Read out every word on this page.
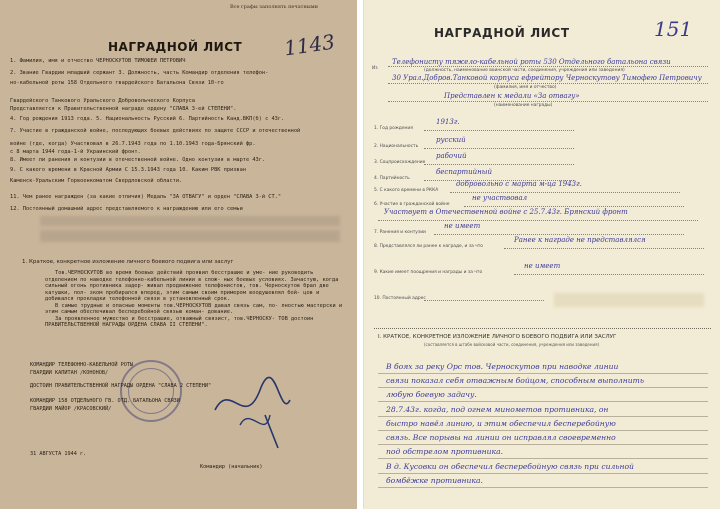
Все графы заполнять печатными
НАГРАДНОЙ ЛИСТ 1143
1. Фамилия, имя и отчество ЧЕРНОСКУТОВ ТИМОФЕЙ ПЕТРОВИЧ
2. Звание Гвардии младший сержант 3. Должность, часть Командир отделения телефон-
но-кабельной роты 158 Отдельного гвардейского Батальона Связи 10-го
Гвардейского Танкового Уральского Добровольческого Корпуса
Представляется к Правительственной награде ордену "СЛАВА 3-ей СТЕПЕНИ".
4. Год рождения 1913 года. 5. Национальность Русский 6. Партийность Канд.ВКП(б) с 43г.
7. Участие в гражданской войне, последующих боевых действиях по защите СССР и отечественной
войне (где, когда) Участвовал в 26.7.1943 года по 1.10.1943 года-Брянский фр.
с 8 марта 1944 года-1-й Украинский фронт.
8. Имеет ли ранения и контузии в отечественной войне. Одно контузия в марте 43г.
9. С какого времени в Красной Армии С 15.3.1943 года 10. Каким РВК призван
Каменск-Уральским Горвоенкоматом Свердловской области.
11. Чем ранее награжден (за какие отличия) Медаль "ЗА ОТВАГУ" и орден "СЛАВА 3-й СТ."
12. Постоянный домашний адрес представляемого к награждению или его семьи
1. Краткое, конкретное изложение личного боевого подвига или заслуг

Тов.ЧЕРНОСКУТОВ во время боевых действий проявил бесстрашие и уме- ние руководить отделением по наводке телефонно-кабельной линии в слож- ных боевых условиях. Зачастую, когда сильный огонь противника задер- живал продвижение телефонистов, тов. Черноскутов брал две катушки, пол- зком пробирался вперед, этим самым своим примером воодушевлял бой- цов и добивался прокладки телефонной связи в установленный срок.

В самые трудные и опасные моменты тов.ЧЕРНОСКУТОВ давал связь сам, по- лностью мастерски и этим самым обеспечивал бесперебойной связью коман- дование.

За проявленное мужество и бесстрашие, отважный связист, тов.ЧЕРНОСКУ- ТОВ достоин ПРАВИТЕЛЬСТВЕННОЙ НАГРАДЫ ОРДЕНА СЛАВА II СТЕПЕНИ".

КОМАНДИР ТЕЛЕФОННО-КАБЕЛЬНОЙ РОТЫ
ГВАРДИИ КАПИТАН /КОНОНОВ/
ДОСТОИН ПРАВИТЕЛЬСТВЕННОЙ НАГРАДЫ ОРДЕНА "СЛАВА 2 СТЕПЕНИ"
КОМАНДИР 158 ОТДЕЛЬНОГО ГВ. ОТД. БАТАЛЬОНА СВЯЗИ
ГВАРДИИ МАЙОР /КРАСОВСКИЙ/
31 АВГУСТА 1944 г.
Командир (начальник)
НАГРАДНОЙ ЛИСТ	151
Из
Телефонисту тяжело-кабельной роты 530 Отдельного батальона связи
(должность, наименование воинской части, соединения, учреждения или заведения)
30 Урал.Добров.Танковой корпуса ефрейтору Черноскутову Тимофею Петровичу
(фамилия, имя и отчество)
Представлен к медали «За отвагу»
(наименование награды)
1. Год рождения
1913г.
2. Национальность
русский
3. Соцпроисхождение
рабочий
4. Партийность
беспартийный
5. С какого времени в РККА
добровольно с марта м-ца 1943г.
6. Участие в гражданской войне
не участвовал
Участвует в Отечественной войне с 25.7.43г. Брянский фронт
7. Ранения и контузии
не имеет
8. Представлялся ли ранее к награде, и за что
Ранее к награде не представлялся
9. Какие имеет поощрения и награды и за что
не имеет
10. Постоянный адрес
I. КРАТКОЕ, КОНКРЕТНОЕ ИЗЛОЖЕНИЕ ЛИЧНОГО БОЕВОГО ПОДВИГА ИЛИ ЗАСЛУГ
(составляется в штабе войсковой части, соединения, учреждения или заведения)
В боях за реку Орс тов. Черноскутов при наводке линии
связи показал себя отважным бойцом, способным выполнить
любую боевую задачу.
28.7.43г. когда, под огнем минометов противника, он
быстро навёл линию, и этим обеспечил бесперебойную
связь. Все порывы на линии он исправлял своевременно
под обстрелом противника.
В д. Кусовки он обеспечил бесперебойную связь при сильной
бомбёжке противника.
